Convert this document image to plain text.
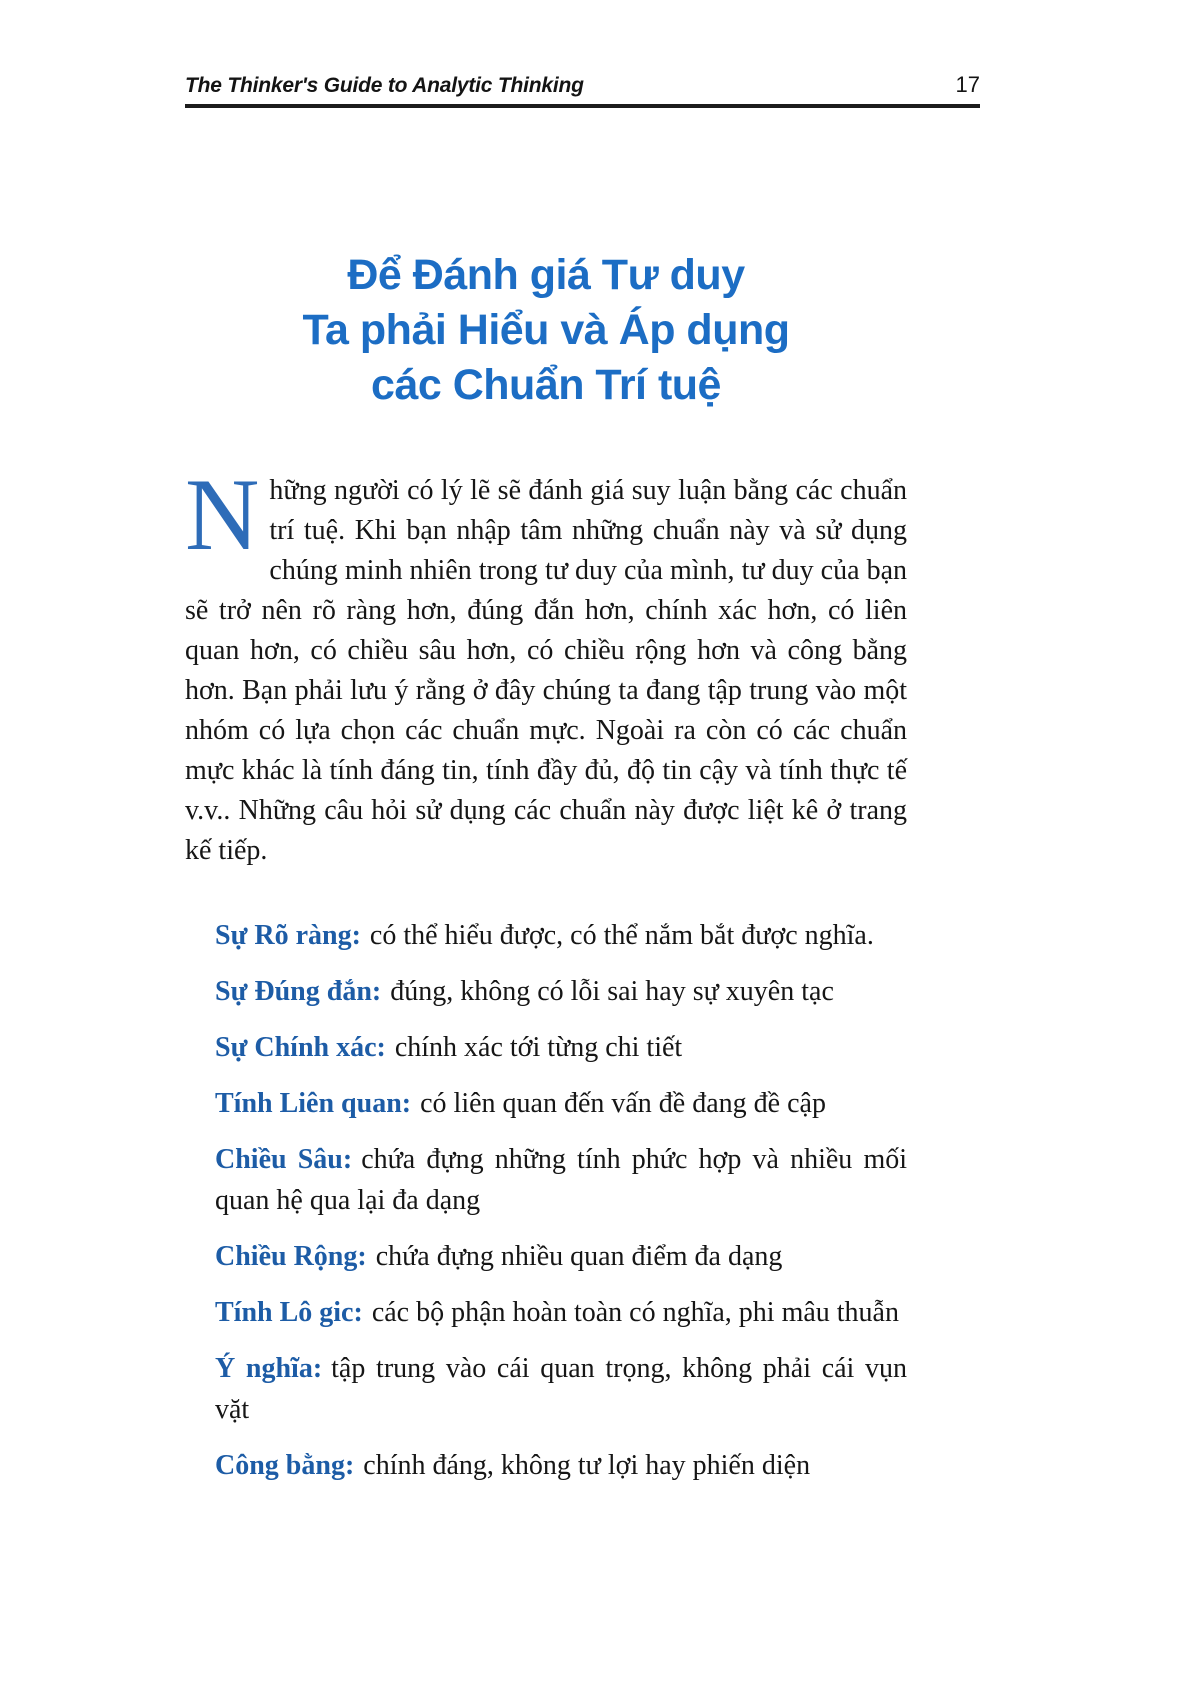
The Thinker's Guide to Analytic Thinking	17
Để Đánh giá Tư duy
Ta phải Hiểu và Áp dụng
các Chuẩn Trí tuệ

Những người có lý lẽ sẽ đánh giá suy luận bằng các chuẩn trí tuệ. Khi bạn nhập tâm những chuẩn này và sử dụng chúng minh nhiên trong tư duy của mình, tư duy của bạn sẽ trở nên rõ ràng hơn, đúng đắn hơn, chính xác hơn, có liên quan hơn, có chiều sâu hơn, có chiều rộng hơn và công bằng hơn. Bạn phải lưu ý rằng ở đây chúng ta đang tập trung vào một nhóm có lựa chọn các chuẩn mực. Ngoài ra còn có các chuẩn mực khác là tính đáng tin, tính đầy đủ, độ tin cậy và tính thực tế v.v.. Những câu hỏi sử dụng các chuẩn này được liệt kê ở trang kế tiếp.

Sự Rõ ràng: có thể hiểu được, có thể nắm bắt được nghĩa.
Sự Đúng đắn: đúng, không có lỗi sai hay sự xuyên tạc
Sự Chính xác: chính xác tới từng chi tiết
Tính Liên quan: có liên quan đến vấn đề đang đề cập
Chiều Sâu: chứa đựng những tính phức hợp và nhiều mối quan hệ qua lại đa dạng
Chiều Rộng: chứa đựng nhiều quan điểm đa dạng
Tính Lô gic: các bộ phận hoàn toàn có nghĩa, phi mâu thuẫn
Ý nghĩa: tập trung vào cái quan trọng, không phải cái vụn vặt
Công bằng: chính đáng, không tư lợi hay phiến diện
